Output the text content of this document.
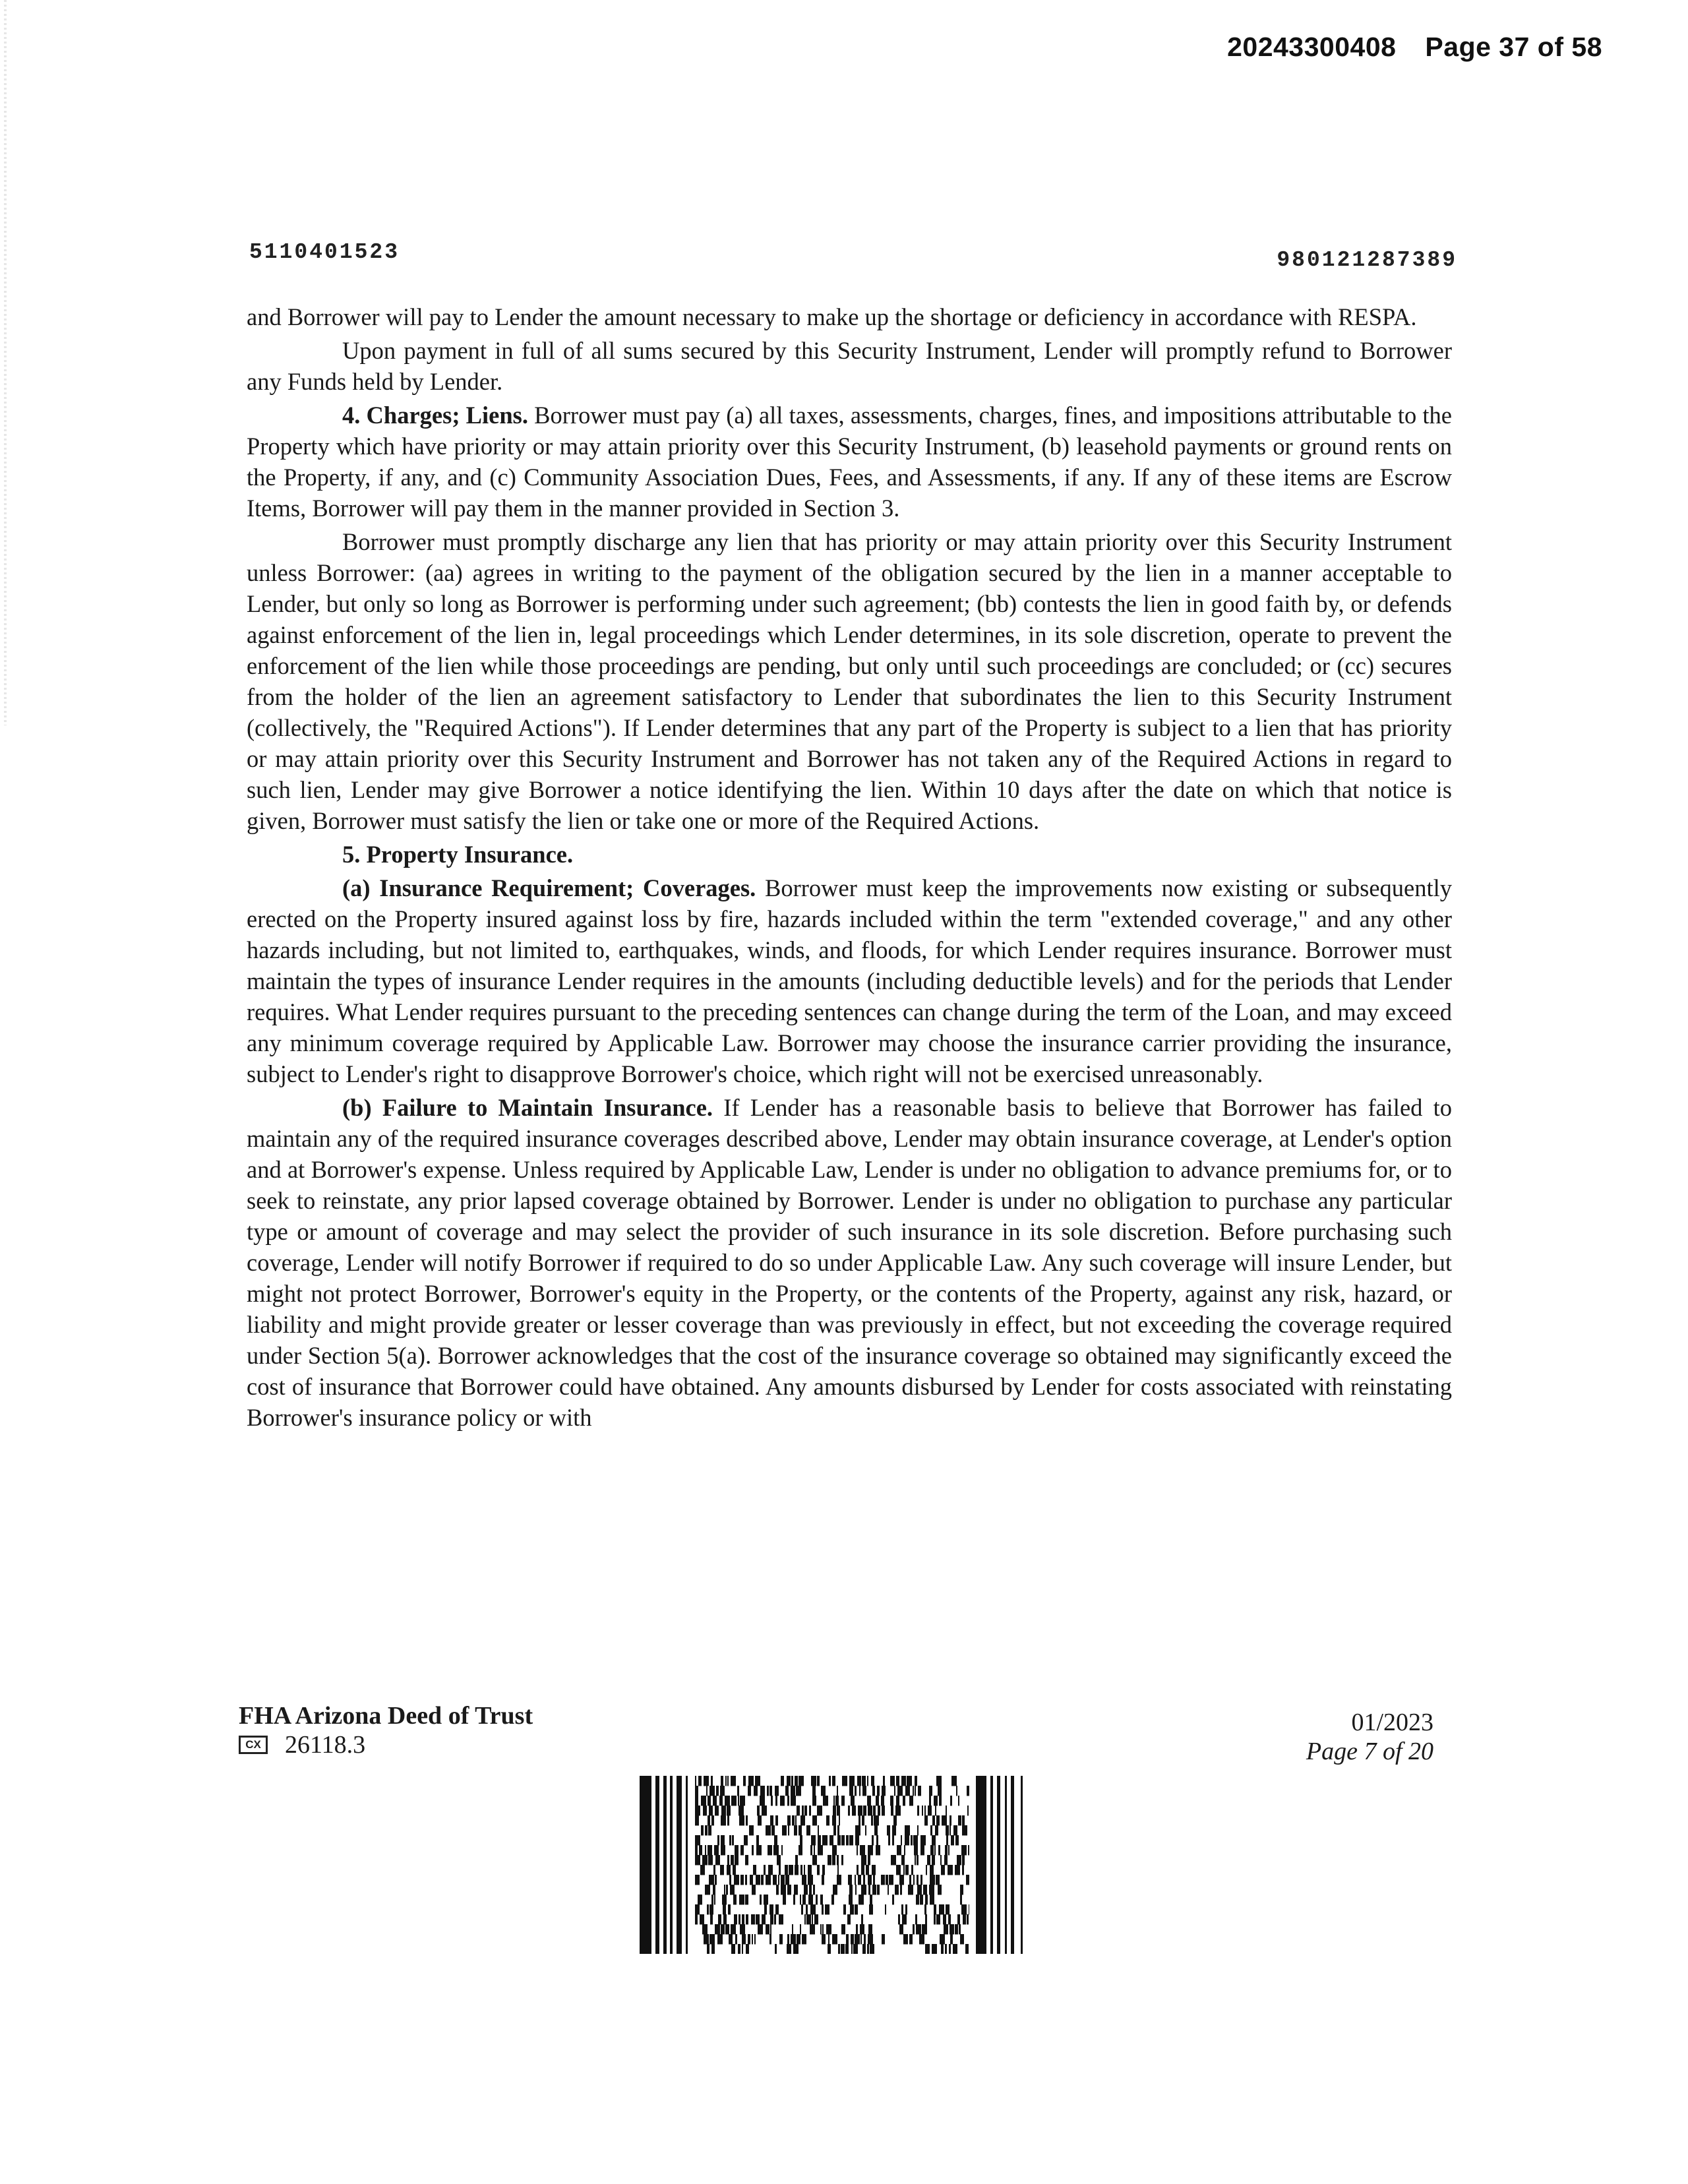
20243300408 Page 37 of 58
5110401523	980121287389

and Borrower will pay to Lender the amount necessary to make up the shortage or deficiency in accordance with RESPA.

Upon payment in full of all sums secured by this Security Instrument, Lender will promptly refund to Borrower any Funds held by Lender.

4. Charges; Liens. Borrower must pay (a) all taxes, assessments, charges, fines, and impositions attributable to the Property which have priority or may attain priority over this Security Instrument, (b) leasehold payments or ground rents on the Property, if any, and (c) Community Association Dues, Fees, and Assessments, if any. If any of these items are Escrow Items, Borrower will pay them in the manner provided in Section 3.

Borrower must promptly discharge any lien that has priority or may attain priority over this Security Instrument unless Borrower: (aa) agrees in writing to the payment of the obligation secured by the lien in a manner acceptable to Lender, but only so long as Borrower is performing under such agreement; (bb) contests the lien in good faith by, or defends against enforcement of the lien in, legal proceedings which Lender determines, in its sole discretion, operate to prevent the enforcement of the lien while those proceedings are pending, but only until such proceedings are concluded; or (cc) secures from the holder of the lien an agreement satisfactory to Lender that subordinates the lien to this Security Instrument (collectively, the "Required Actions"). If Lender determines that any part of the Property is subject to a lien that has priority or may attain priority over this Security Instrument and Borrower has not taken any of the Required Actions in regard to such lien, Lender may give Borrower a notice identifying the lien. Within 10 days after the date on which that notice is given, Borrower must satisfy the lien or take one or more of the Required Actions.

5. Property Insurance.

(a) Insurance Requirement; Coverages. Borrower must keep the improvements now existing or subsequently erected on the Property insured against loss by fire, hazards included within the term "extended coverage," and any other hazards including, but not limited to, earthquakes, winds, and floods, for which Lender requires insurance. Borrower must maintain the types of insurance Lender requires in the amounts (including deductible levels) and for the periods that Lender requires. What Lender requires pursuant to the preceding sentences can change during the term of the Loan, and may exceed any minimum coverage required by Applicable Law. Borrower may choose the insurance carrier providing the insurance, subject to Lender's right to disapprove Borrower's choice, which right will not be exercised unreasonably.

(b) Failure to Maintain Insurance. If Lender has a reasonable basis to believe that Borrower has failed to maintain any of the required insurance coverages described above, Lender may obtain insurance coverage, at Lender's option and at Borrower's expense. Unless required by Applicable Law, Lender is under no obligation to advance premiums for, or to seek to reinstate, any prior lapsed coverage obtained by Borrower. Lender is under no obligation to purchase any particular type or amount of coverage and may select the provider of such insurance in its sole discretion. Before purchasing such coverage, Lender will notify Borrower if required to do so under Applicable Law. Any such coverage will insure Lender, but might not protect Borrower, Borrower's equity in the Property, or the contents of the Property, against any risk, hazard, or liability and might provide greater or lesser coverage than was previously in effect, but not exceeding the coverage required under Section 5(a). Borrower acknowledges that the cost of the insurance coverage so obtained may significantly exceed the cost of insurance that Borrower could have obtained. Any amounts disbursed by Lender for costs associated with reinstating Borrower's insurance policy or with

FHA Arizona Deed of Trust
CX 26118.3
01/2023
Page 7 of 20
